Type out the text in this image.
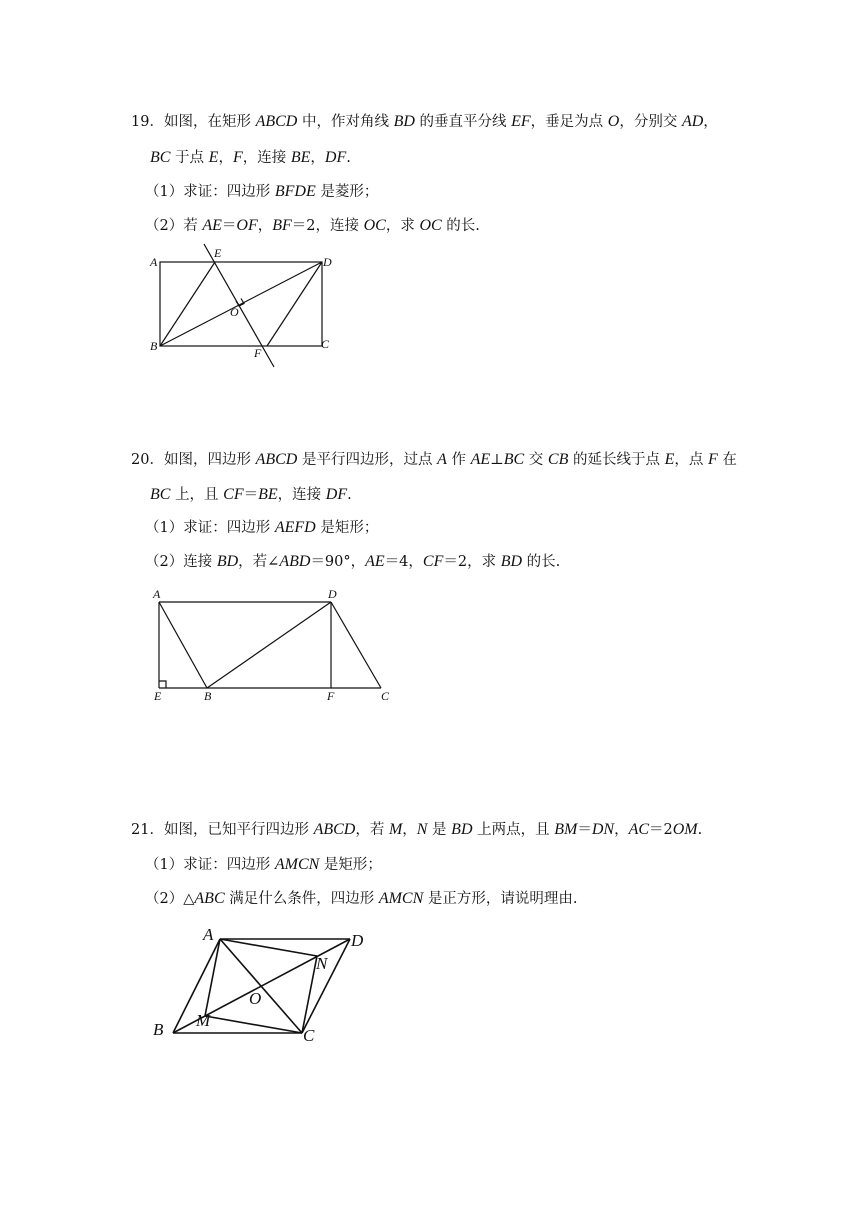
19．如图，在矩形 ABCD 中，作对角线 BD 的垂直平分线 EF，垂足为点 O，分别交 AD，
BC 于点 E，F，连接 BE，DF.
（1）求证：四边形 BFDE 是菱形；
（2）若 AE＝OF，BF＝2，连接 OC，求 OC 的长.
A
B	C
D
E
F
O
20．如图，四边形 ABCD 是平行四边形，过点 A 作 AE⊥BC 交 CB 的延长线于点 E，点 F 在
BC 上，且 CF＝BE，连接 DF.
（1）求证：四边形 AEFD 是矩形；
（2）连接 BD，若∠ABD＝90°，AE＝4，CF＝2，求 BD 的长.
A	D
E	B	F	C
21．如图，已知平行四边形 ABCD，若 M，N 是 BD 上两点，且 BM＝DN，AC＝2OM.
（1）求证：四边形 AMCN 是矩形；
（2）△ABC 满足什么条件，四边形 AMCN 是正方形，请说明理由.
A	D
B	C
M
N
O
